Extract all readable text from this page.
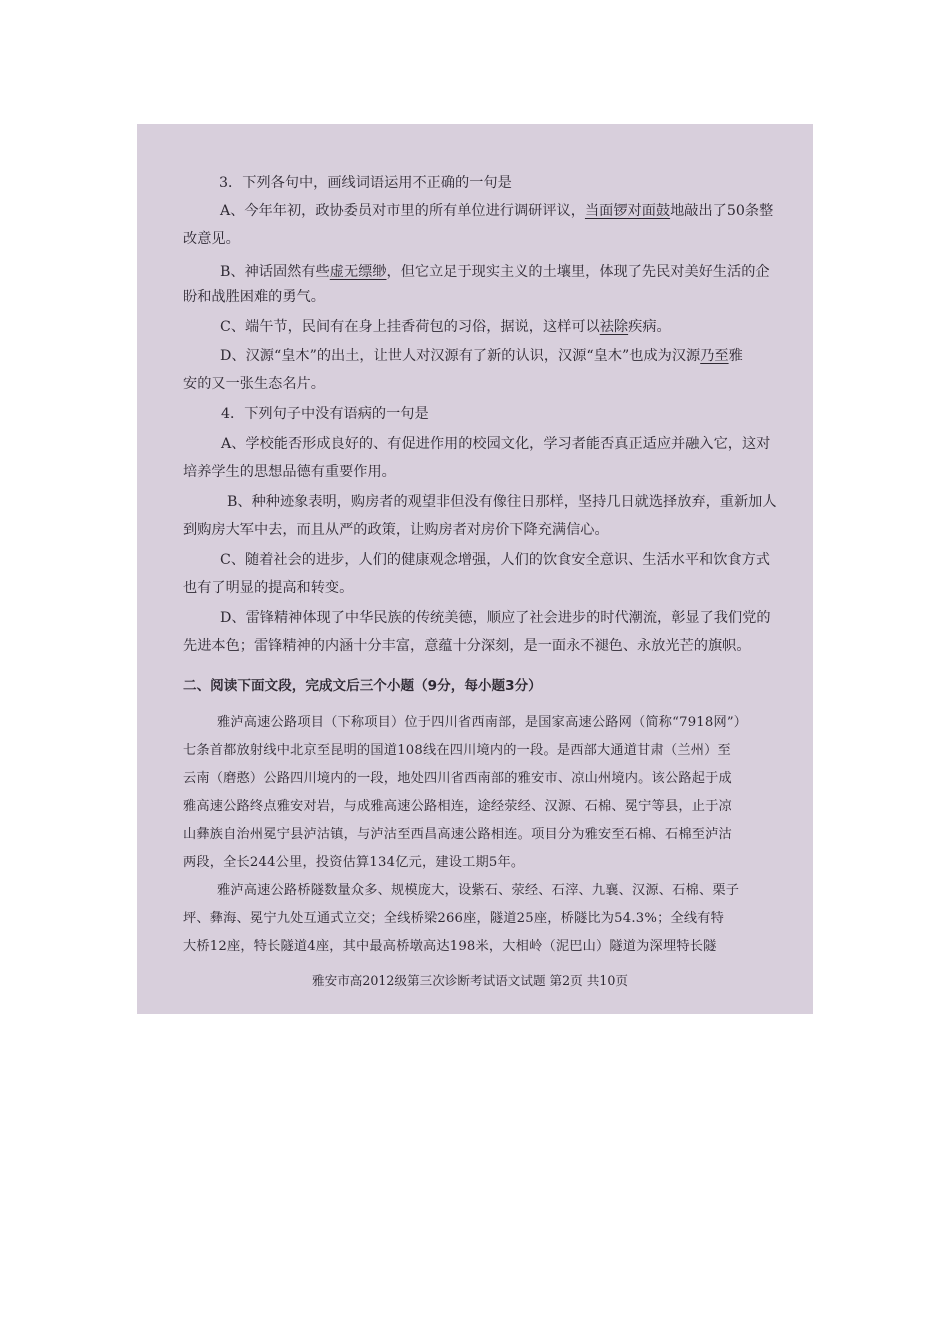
3．下列各句中，画线词语运用不正确的一句是
A、今年年初，政协委员对市里的所有单位进行调研评议，当面锣对面鼓地敲出了50条整
改意见。
B、神话固然有些虚无缥缈，但它立足于现实主义的土壤里，体现了先民对美好生活的企
盼和战胜困难的勇气。
C、端午节，民间有在身上挂香荷包的习俗，据说，这样可以祛除疾病。
D、汉源“皇木”的出土，让世人对汉源有了新的认识，汉源“皇木”也成为汉源乃至雅
安的又一张生态名片。
4．下列句子中没有语病的一句是
A、学校能否形成良好的、有促进作用的校园文化，学习者能否真正适应并融入它，这对
培养学生的思想品德有重要作用。
B、种种迹象表明，购房者的观望非但没有像往日那样，坚持几日就选择放弃，重新加人
到购房大军中去，而且从严的政策，让购房者对房价下降充满信心。
C、随着社会的进步，人们的健康观念增强，人们的饮食安全意识、生活水平和饮食方式
也有了明显的提高和转变。
D、雷锋精神体现了中华民族的传统美德，顺应了社会进步的时代潮流，彰显了我们党的
先进本色；雷锋精神的内涵十分丰富，意蕴十分深刻，是一面永不褪色、永放光芒的旗帜。
二、阅读下面文段，完成文后三个小题（9分，每小题3分）
雅泸高速公路项目（下称项目）位于四川省西南部，是国家高速公路网（简称“7918网”）
七条首都放射线中北京至昆明的国道108线在四川境内的一段。是西部大通道甘肃（兰州）至
云南（磨憨）公路四川境内的一段，地处四川省西南部的雅安市、凉山州境内。该公路起于成
雅高速公路终点雅安对岩，与成雅高速公路相连，途经荥经、汉源、石棉、冕宁等县，止于凉
山彝族自治州冕宁县泸沽镇，与泸沽至西昌高速公路相连。项目分为雅安至石棉、石棉至泸沽
两段，全长244公里，投资估算134亿元，建设工期5年。
雅泸高速公路桥隧数量众多、规模庞大，设紫石、荥经、石滓、九襄、汉源、石棉、栗子
坪、彝海、冕宁九处互通式立交；全线桥梁266座，隧道25座，桥隧比为54.3%；全线有特
大桥12座，特长隧道4座，其中最高桥墩高达198米，大相岭（泥巴山）隧道为深埋特长隧
雅安市高2012级第三次诊断考试语文试题 第2页 共10页
